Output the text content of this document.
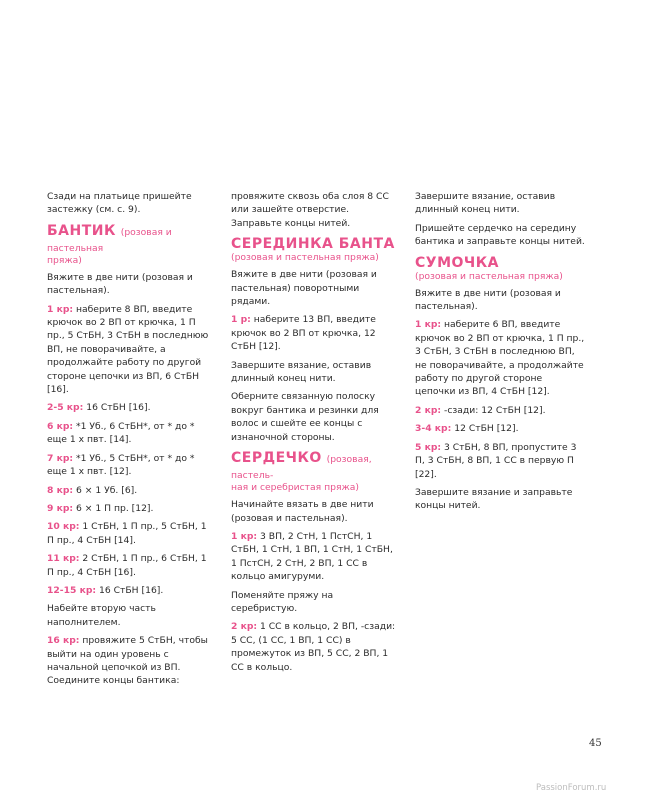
Сзади на платьице пришейте застежку (см. с. 9).

БАНТИК (розовая и пастельная
пряжа)

Вяжите в две нити (розовая и пастельная).

1 кр: наберите 8 ВП, введите крючок во 2 ВП от крючка, 1 П пр., 5 СтБН, 3 СтБН в последнюю ВП, не поворачивайте, а продолжайте работу по другой стороне цепочки из ВП, 6 СтБН [16].

2-5 кр: 16 СтБН [16].

6 кр: *1 Уб., 6 СтБН*, от * до * еще 1 х пвт. [14].

7 кр: *1 Уб., 5 СтБН*, от * до * еще 1 х пвт. [12].

8 кр: 6 × 1 Уб. [6].

9 кр: 6 × 1 П пр. [12].

10 кр: 1 СтБН, 1 П пр., 5 СтБН, 1 П пр., 4 СтБН [14].

11 кр: 2 СтБН, 1 П пр., 6 СтБН, 1 П пр., 4 СтБН [16].

12-15 кр: 16 СтБН [16].

Набейте вторую часть наполнителем.

16 кр: провяжите 5 СтБН, чтобы выйти на один уровень с начальной цепочкой из ВП. Соедините концы бантика:

провяжите сквозь оба слоя 8 СС или зашейте отверстие. Заправьте концы нитей.

СЕРЕДИНКА БАНТА
(розовая и пастельная пряжа)

Вяжите в две нити (розовая и пастельная) поворотными рядами.

1 р: наберите 13 ВП, введите крючок во 2 ВП от крючка, 12 СтБН [12].

Завершите вязание, оставив длинный конец нити.

Оберните связанную полоску вокруг бантика и резинки для волос и сшейте ее концы с изнаночной стороны.

СЕРДЕЧКО (розовая, пастель-
ная и серебристая пряжа)

Начинайте вязать в две нити (розовая и пастельная).

1 кр: 3 ВП, 2 СтН, 1 ПстСН, 1 СтБН, 1 СтН, 1 ВП, 1 СтН, 1 СтБН, 1 ПстСН, 2 СтН, 2 ВП, 1 СС в кольцо амигуруми.

Поменяйте пряжу на серебристую.

2 кр: 1 СС в кольцо, 2 ВП, -сзади: 5 СС, (1 СС, 1 ВП, 1 СС) в промежуток из ВП, 5 СС, 2 ВП, 1 СС в кольцо.

Завершите вязание, оставив длинный конец нити.

Пришейте сердечко на середину бантика и заправьте концы нитей.

СУМОЧКА
(розовая и пастельная пряжа)

Вяжите в две нити (розовая и пастельная).

1 кр: наберите 6 ВП, введите крючок во 2 ВП от крючка, 1 П пр., 3 СтБН, 3 СтБН в последнюю ВП, не поворачивайте, а продолжайте работу по другой стороне цепочки из ВП, 4 СтБН [12].

2 кр: -сзади: 12 СтБН [12].

3-4 кр: 12 СтБН [12].

5 кр: 3 СтБН, 8 ВП, пропустите 3 П, 3 СтБН, 8 ВП, 1 СС в первую П [22].

Завершите вязание и заправьте концы нитей.

45
PassionForum.ru
